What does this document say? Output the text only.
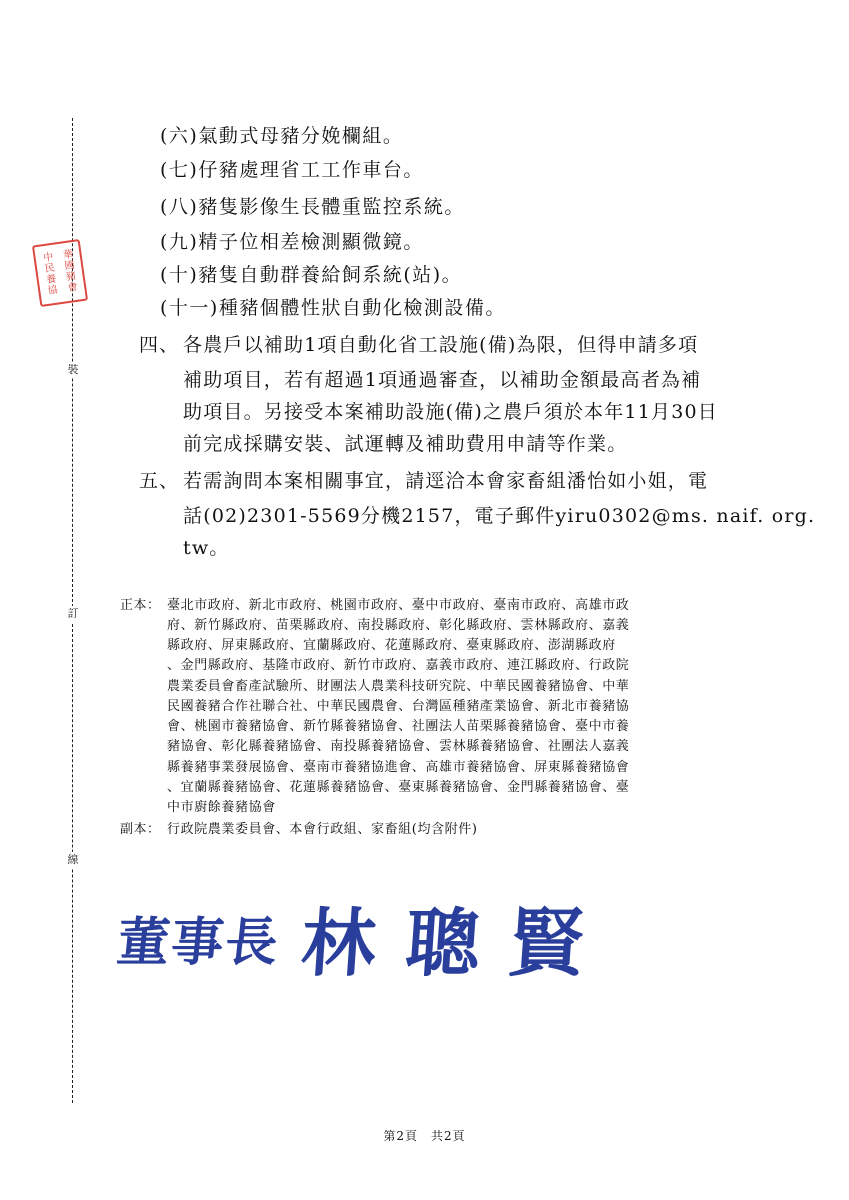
裝
訂
線
中 華
民 國
養 豬
協 會
(六)氣動式母豬分娩欄組。
(七)仔豬處理省工工作車台。
(八)豬隻影像生長體重監控系統。
(九)精子位相差檢測顯微鏡。
(十)豬隻自動群養給飼系統(站)。
(十一)種豬個體性狀自動化檢測設備。
四、 各農戶以補助1項自動化省工設施(備)為限，但得申請多項
補助項目，若有超過1項通過審查，以補助金額最高者為補
助項目。另接受本案補助設施(備)之農戶須於本年11月30日
前完成採購安裝、試運轉及補助費用申請等作業。
五、 若需詢問本案相關事宜，請逕洽本會家畜組潘怡如小姐，電
話(02)2301-5569分機2157，電子郵件yiru0302@ms. naif. org.
tw。
正本： 臺北市政府、新北市政府、桃園市政府、臺中市政府、臺南市政府、高雄市政
府、新竹縣政府、苗栗縣政府、南投縣政府、彰化縣政府、雲林縣政府、嘉義
縣政府、屏東縣政府、宜蘭縣政府、花蓮縣政府、臺東縣政府、澎湖縣政府
、金門縣政府、基隆市政府、新竹市政府、嘉義市政府、連江縣政府、行政院
農業委員會畜產試驗所、財團法人農業科技研究院、中華民國養豬協會、中華
民國養豬合作社聯合社、中華民國農會、台灣區種豬產業協會、新北市養豬協
會、桃園市養豬協會、新竹縣養豬協會、社團法人苗栗縣養豬協會、臺中市養
豬協會、彰化縣養豬協會、南投縣養豬協會、雲林縣養豬協會、社團法人嘉義
縣養豬事業發展協會、臺南市養豬協進會、高雄市養豬協會、屏東縣養豬協會
、宜蘭縣養豬協會、花蓮縣養豬協會、臺東縣養豬協會、金門縣養豬協會、臺
中市廚餘養豬協會
副本： 行政院農業委員會、本會行政組、家畜組(均含附件)
董事長 林聰賢
第2頁　共2頁
